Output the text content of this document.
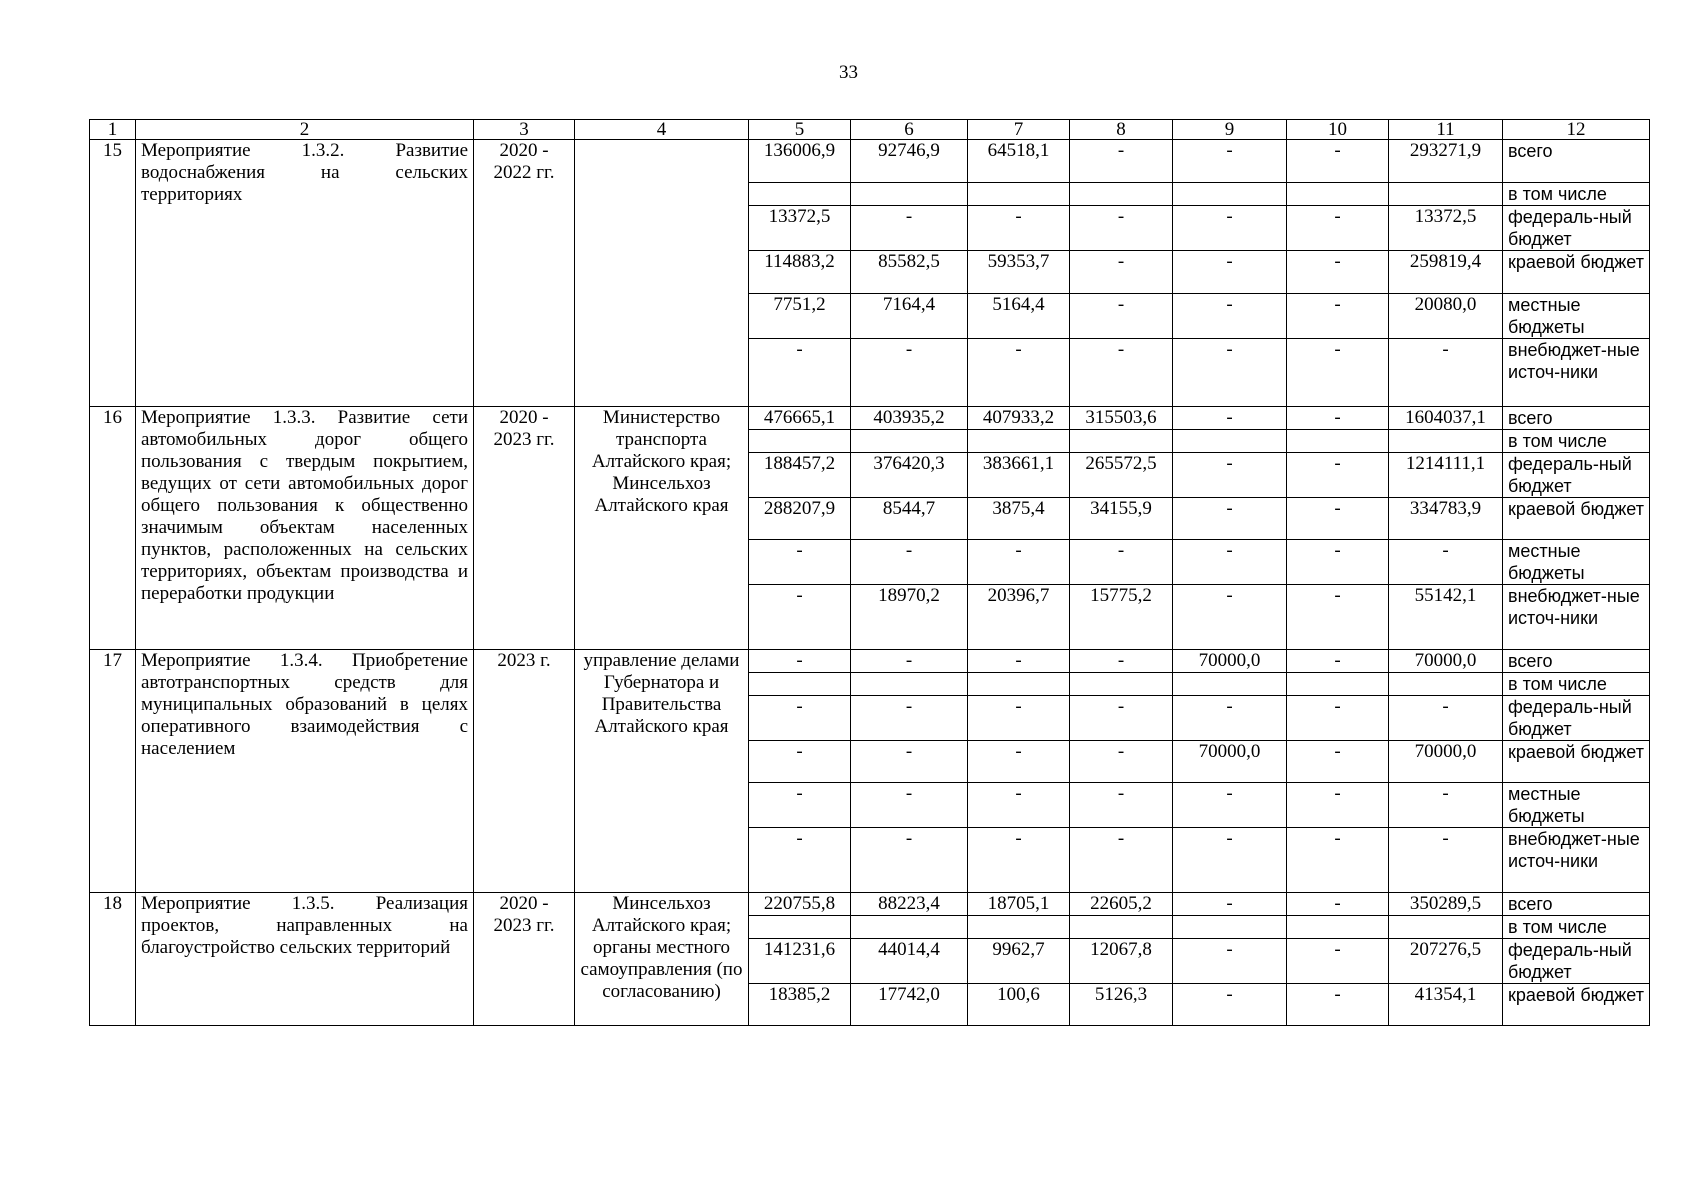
33
1	2	3	4	5	6	7	8	9	10	11	12
15	Мероприятие 1.3.2. Развитие водоснабжения на сельских территориях	2020 - 2022 гг.		136006,9	92746,9	64518,1	-	-	-	293271,9	всего
											в том числе
				13372,5	-	-	-	-	-	13372,5	федераль-ный бюджет
				114883,2	85582,5	59353,7	-	-	-	259819,4	краевой бюджет
				7751,2	7164,4	5164,4	-	-	-	20080,0	местные бюджеты
				-	-	-	-	-	-	-	внебюджет-ные источ-ники
16	Мероприятие 1.3.3. Развитие сети автомобильных дорог общего пользования с твердым покрытием, ведущих от сети автомобильных дорог общего пользования к общественно значимым объектам населенных пунктов, расположенных на сельских территориях, объектам производства и переработки продукции	2020 - 2023 гг.	Министерство транспорта Алтайского края; Минсельхоз Алтайского края	476665,1	403935,2	407933,2	315503,6	-	-	1604037,1	всего
											в том числе
				188457,2	376420,3	383661,1	265572,5	-	-	1214111,1	федераль-ный бюджет
				288207,9	8544,7	3875,4	34155,9	-	-	334783,9	краевой бюджет
				-	-	-	-	-	-	-	местные бюджеты
				-	18970,2	20396,7	15775,2	-	-	55142,1	внебюджет-ные источ-ники
17	Мероприятие 1.3.4. Приобретение автотранспортных средств для муниципальных образований в целях оперативного взаимодействия с населением	2023 г.	управление делами Губернатора и Правительства Алтайского края	-	-	-	-	70000,0	-	70000,0	всего
											в том числе
				-	-	-	-	-	-	-	федераль-ный бюджет
				-	-	-	-	70000,0	-	70000,0	краевой бюджет
				-	-	-	-	-	-	-	местные бюджеты
				-	-	-	-	-	-	-	внебюджет-ные источ-ники
18	Мероприятие 1.3.5. Реализация проектов, направленных на благоустройство сельских территорий	2020 - 2023 гг.	Минсельхоз Алтайского края; органы местного самоуправления (по согласованию)	220755,8	88223,4	18705,1	22605,2	-	-	350289,5	всего
											в том числе
				141231,6	44014,4	9962,7	12067,8	-	-	207276,5	федераль-ный бюджет
				18385,2	17742,0	100,6	5126,3	-	-	41354,1	краевой бюджет
